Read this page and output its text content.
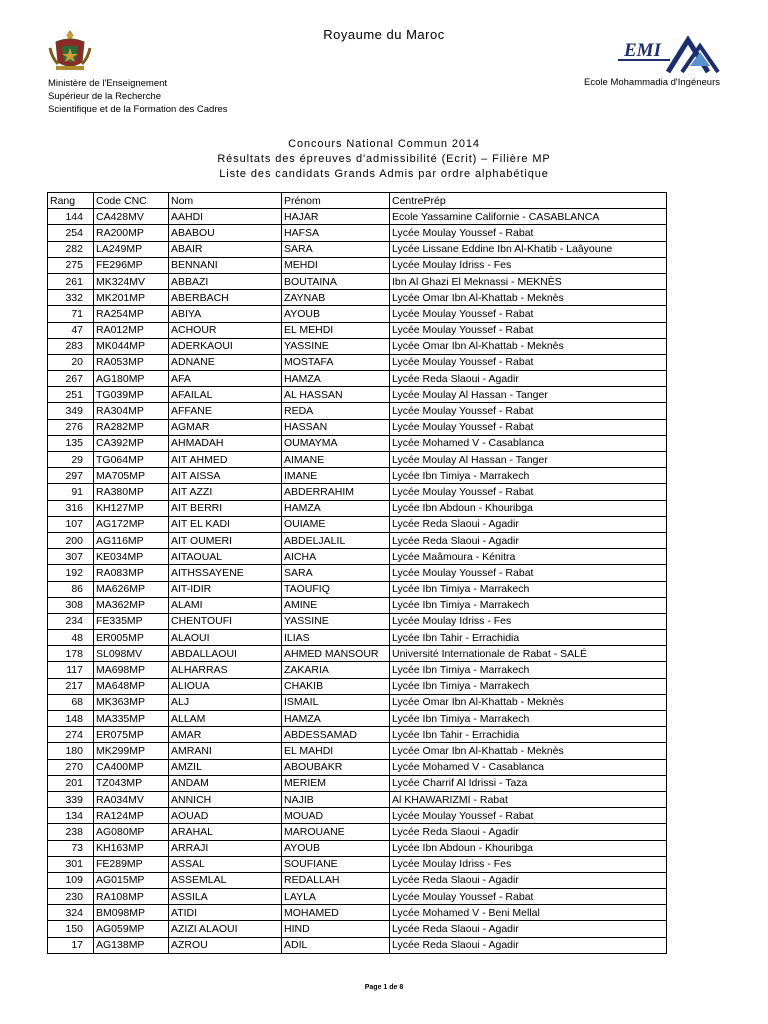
Royaume du Maroc
Ministère de l'Enseignement
Supérieur de la Recherche
Scientifique et de la Formation des Cadres
EMI
Ecole Mohammadia d'Ingéneurs
Concours National Commun 2014
Résultats des épreuves d'admissibilité (Ecrit) – Filière MP
Liste des candidats Grands Admis par ordre alphabétique
Rang	Code CNC	Nom	Prénom	CentrePrép
144	CA428MV	AAHDI	HAJAR	Ecole Yassamine Californie - CASABLANCA
254	RA200MP	ABABOU	HAFSA	Lycée Moulay Youssef - Rabat
282	LA249MP	ABAIR	SARA	Lycée Lissane Eddine Ibn Al-Khatib - Laâyoune
275	FE296MP	BENNANI	MEHDI	Lycée Moulay Idriss - Fes
261	MK324MV	ABBAZI	BOUTAINA	Ibn Al Ghazi El Meknassi - MEKNÈS
332	MK201MP	ABERBACH	ZAYNAB	Lycée Omar Ibn Al-Khattab - Meknès
71	RA254MP	ABIYA	AYOUB	Lycée Moulay Youssef - Rabat
47	RA012MP	ACHOUR	EL MEHDI	Lycée Moulay Youssef - Rabat
283	MK044MP	ADERKAOUI	YASSINE	Lycée Omar Ibn Al-Khattab - Meknès
20	RA053MP	ADNANE	MOSTAFA	Lycée Moulay Youssef - Rabat
267	AG180MP	AFA	HAMZA	Lycée Reda Slaoui - Agadir
251	TG039MP	AFAILAL	AL HASSAN	Lycée Moulay Al Hassan - Tanger
349	RA304MP	AFFANE	REDA	Lycée Moulay Youssef - Rabat
276	RA282MP	AGMAR	HASSAN	Lycée Moulay Youssef - Rabat
135	CA392MP	AHMADAH	OUMAYMA	Lycée Mohamed V - Casablanca
29	TG064MP	AIT AHMED	AIMANE	Lycée Moulay Al Hassan - Tanger
297	MA705MP	AIT AISSA	IMANE	Lycée Ibn Timiya - Marrakech
91	RA380MP	AIT AZZI	ABDERRAHIM	Lycée Moulay Youssef - Rabat
316	KH127MP	AIT BERRI	HAMZA	Lycée Ibn Abdoun - Khouribga
107	AG172MP	AIT EL KADI	OUIAME	Lycée Reda Slaoui - Agadir
200	AG116MP	AIT OUMERI	ABDELJALIL	Lycée Reda Slaoui - Agadir
307	KE034MP	AITAOUAL	AICHA	Lycée Maâmoura - Kénitra
192	RA083MP	AITHSSAYENE	SARA	Lycée Moulay Youssef - Rabat
86	MA626MP	AIT-IDIR	TAOUFIQ	Lycée Ibn Timiya - Marrakech
308	MA362MP	ALAMI	AMINE	Lycée Ibn Timiya - Marrakech
234	FE335MP	CHENTOUFI	YASSINE	Lycée Moulay Idriss - Fes
48	ER005MP	ALAOUI	ILIAS	Lycée Ibn Tahir - Errachidia
178	SL098MV	ABDALLAOUI	AHMED MANSOUR	Université Internationale de Rabat - SALÉ
117	MA698MP	ALHARRAS	ZAKARIA	Lycée Ibn Timiya - Marrakech
217	MA648MP	ALIOUA	CHAKIB	Lycée Ibn Timiya - Marrakech
68	MK363MP	ALJ	ISMAIL	Lycée Omar Ibn Al-Khattab - Meknès
148	MA335MP	ALLAM	HAMZA	Lycée Ibn Timiya - Marrakech
274	ER075MP	AMAR	ABDESSAMAD	Lycée Ibn Tahir - Errachidia
180	MK299MP	AMRANI	EL MAHDI	Lycée Omar Ibn Al-Khattab - Meknès
270	CA400MP	AMZIL	ABOUBAKR	Lycée Mohamed V - Casablanca
201	TZ043MP	ANDAM	MERIEM	Lycée Charrif Al Idrissi - Taza
339	RA034MV	ANNICH	NAJIB	Al KHAWARIZMI - Rabat
134	RA124MP	AOUAD	MOUAD	Lycée Moulay Youssef - Rabat
238	AG080MP	ARAHAL	MAROUANE	Lycée Reda Slaoui - Agadir
73	KH163MP	ARRAJI	AYOUB	Lycée Ibn Abdoun - Khouribga
301	FE289MP	ASSAL	SOUFIANE	Lycée Moulay Idriss - Fes
109	AG015MP	ASSEMLAL	REDALLAH	Lycée Reda Slaoui - Agadir
230	RA108MP	ASSILA	LAYLA	Lycée Moulay Youssef - Rabat
324	BM098MP	ATIDI	MOHAMED	Lycée Mohamed V - Beni Mellal
150	AG059MP	AZIZI ALAOUI	HIND	Lycée Reda Slaoui - Agadir
17	AG138MP	AZROU	ADIL	Lycée Reda Slaoui - Agadir
Page 1 de 8
